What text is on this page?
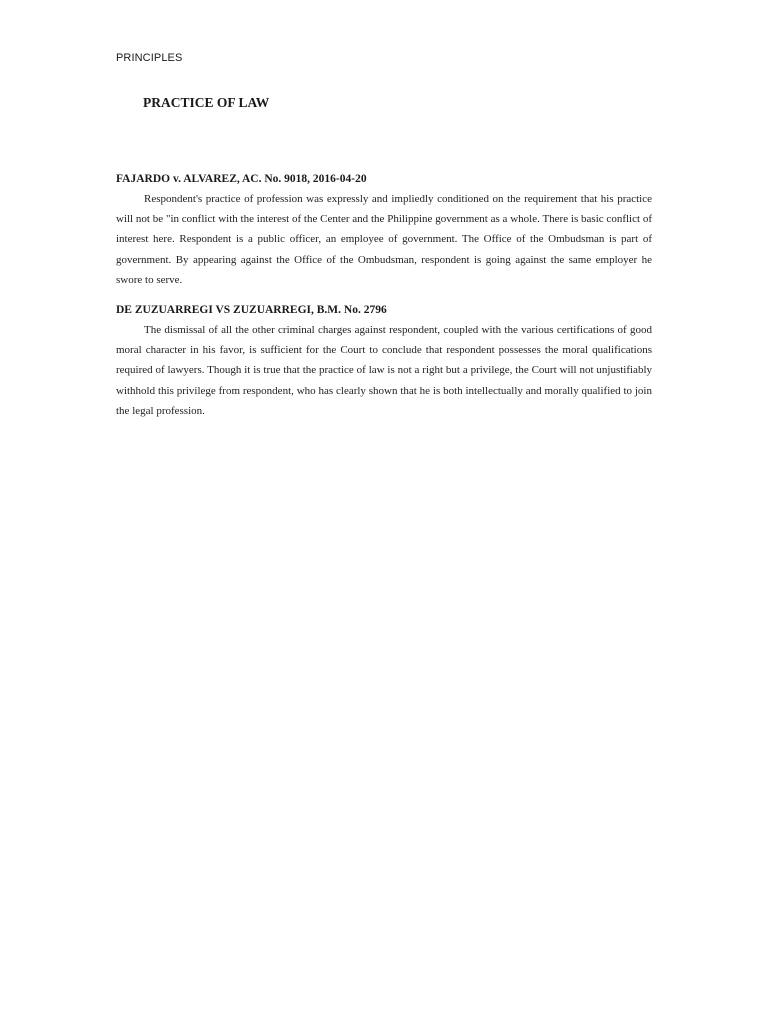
PRINCIPLES
PRACTICE OF LAW
FAJARDO v. ALVAREZ, AC. No. 9018, 2016-04-20

Respondent's practice of profession was expressly and impliedly conditioned on the requirement that his practice will not be "in conflict with the interest of the Center and the Philippine government as a whole. There is basic conflict of interest here. Respondent is a public officer, an employee of government. The Office of the Ombudsman is part of government. By appearing against the Office of the Ombudsman, respondent is going against the same employer he swore to serve.

DE ZUZUARREGI VS ZUZUARREGI, B.M. No. 2796

The dismissal of all the other criminal charges against respondent, coupled with the various certifications of good moral character in his favor, is sufficient for the Court to conclude that respondent possesses the moral qualifications required of lawyers. Though it is true that the practice of law is not a right but a privilege, the Court will not unjustifiably withhold this privilege from respondent, who has clearly shown that he is both intellectually and morally qualified to join the legal profession.
